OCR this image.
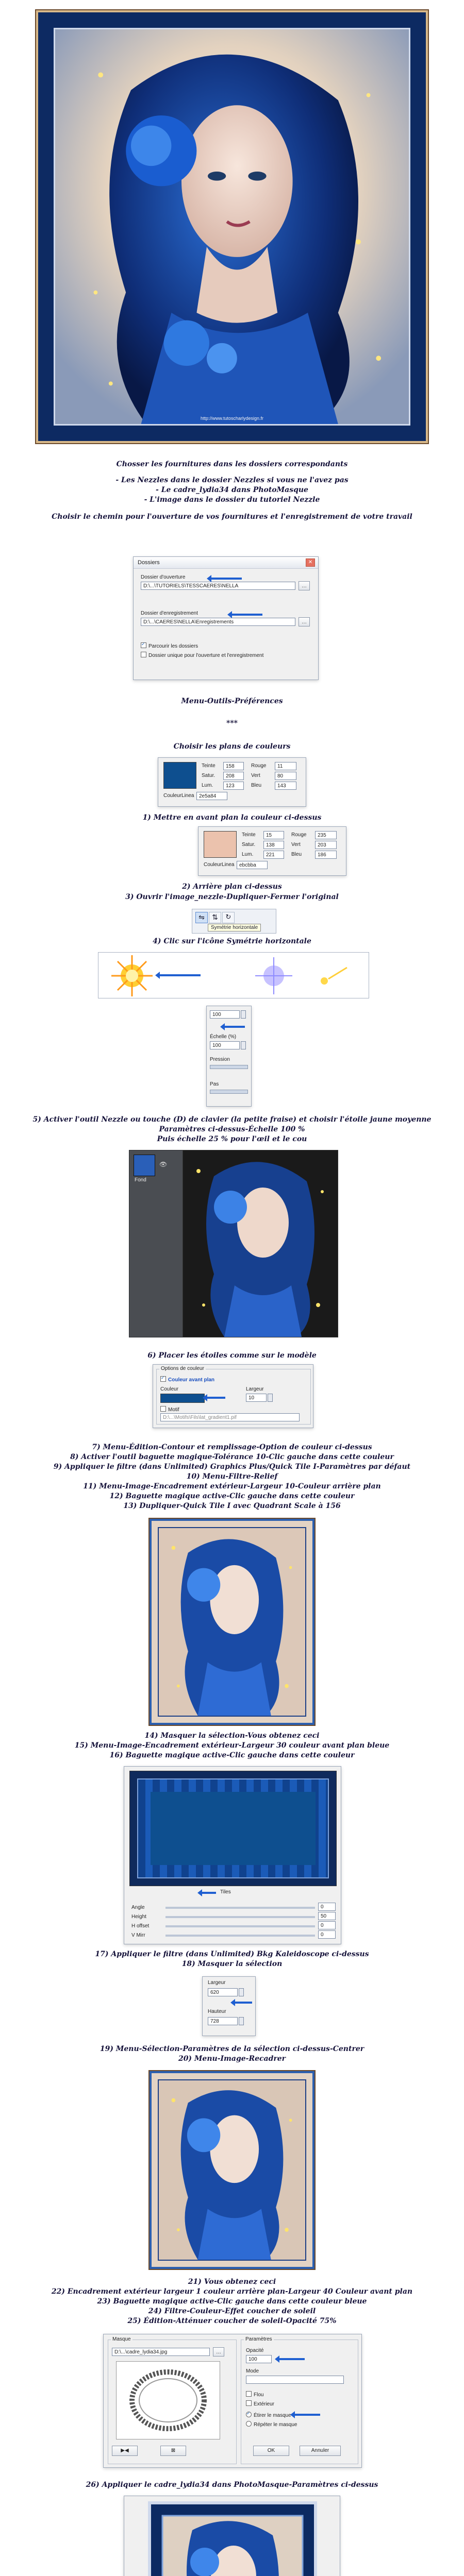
http://www.tutoscharlydesign.fr

Chosser les fournitures dans les dossiers correspondants

- Les Nezzles dans le dossier Nezzles si vous ne l'avez pas

- Le cadre_lydia34 dans PhotoMasque

- L'image dans le dossier du tutoriel Nezzle

Choisir le chemin pour l'ouverture de vos fournitures et l'enregistrement de votre travail

Dossiers	✕
Dossier d'ouverture
D:\...\TUTORIELS\TESSCAERES\NELLA	…
Dossier d'enregistrement
D:\...\CAERES\NELLA\Enregistrements	…
✓Parcourir les dossiers
Dossier unique pour l'ouverture et l'enregistrement
Menu-Outils-Préférences
***
Choisir les plans de couleurs
CouleurLinea 2e5a84
Teinte	158
Satur.	208
Lum.	123
Rouge	11
Vert	80
Bleu	143
1) Mettre en avant plan la couleur ci-dessus
CouleurLinea ebcbba
Teinte	15
Satur.	138
Lum.	221
Rouge	235
Vert	203
Bleu	186
2) Arrière plan ci-dessus
3) Ouvrir l'image_nezzle-Dupliquer-Fermer l'original
⇋	⇅	↻
Symétrie horizontale
4) Clic sur l'icône Symétrie horizontale
100
Échelle (%)
100
Pression
Pas

5) Activer l'outil Nezzle ou touche (D) de clavier (la petite fraise) et choisir l'étoile jaune moyenne

Paramètres ci-dessus-Échelle 100 %

Puis échelle 25 % pour l'œil et le cou

Fond
👁
6) Placer les étoiles comme sur le modèle
Options de couleur
✓Couleur avant plan
Couleur	Largeur
10
Motif
D:\...\Motifs\Fils\lat_gradient1.pif

7) Menu-Édition-Contour et remplissage-Option de couleur ci-dessus

8) Activer l'outil baguette magique-Tolérance 10-Clic gauche dans cette couleur

9) Appliquer le filtre (dans Unlimited) Graphics Plus/Quick Tile I-Paramètres par défaut

10) Menu-Filtre-Relief

11) Menu-Image-Encadrement extérieur-Largeur 10-Couleur arrière plan

12) Baguette magique active-Clic gauche dans cette couleur

13) Dupliquer-Quick Tile I avec Quadrant Scale à 156

14) Masquer la sélection-Vous obtenez ceci

15) Menu-Image-Encadrement extérieur-Largeur 30 couleur avant plan bleue

16) Baguette magique active-Clic gauche dans cette couleur

Tiles
Angle	0
Height	50
H offset	0
V Mirr	0

17) Appliquer le filtre (dans Unlimited) Bkg Kaleidoscope ci-dessus

18) Masquer la sélection

Largeur
620
Hauteur
728

19) Menu-Sélection-Paramètres de la sélection ci-dessus-Centrer

20) Menu-Image-Recadrer

21) Vous obtenez ceci

22) Encadrement extérieur largeur 1 couleur arrière plan-Largeur 40 Couleur avant plan

23) Baguette magique active-Clic gauche dans cette couleur bleue

24) Filtre-Couleur-Effet coucher de soleil

25) Édition-Atténuer coucher de soleil-Opacité 75%

Masque
D:\...\cadre_lydia34.jpg	…
▶◀	⊠
Paramètres
Opacité
100
Mode
Flou
Extérieur
✓Étirer le masque
Répéter le masque
OK	Annuler
26) Appliquer le cadre_lydia34 dans PhotoMasque-Paramètres ci-dessus
